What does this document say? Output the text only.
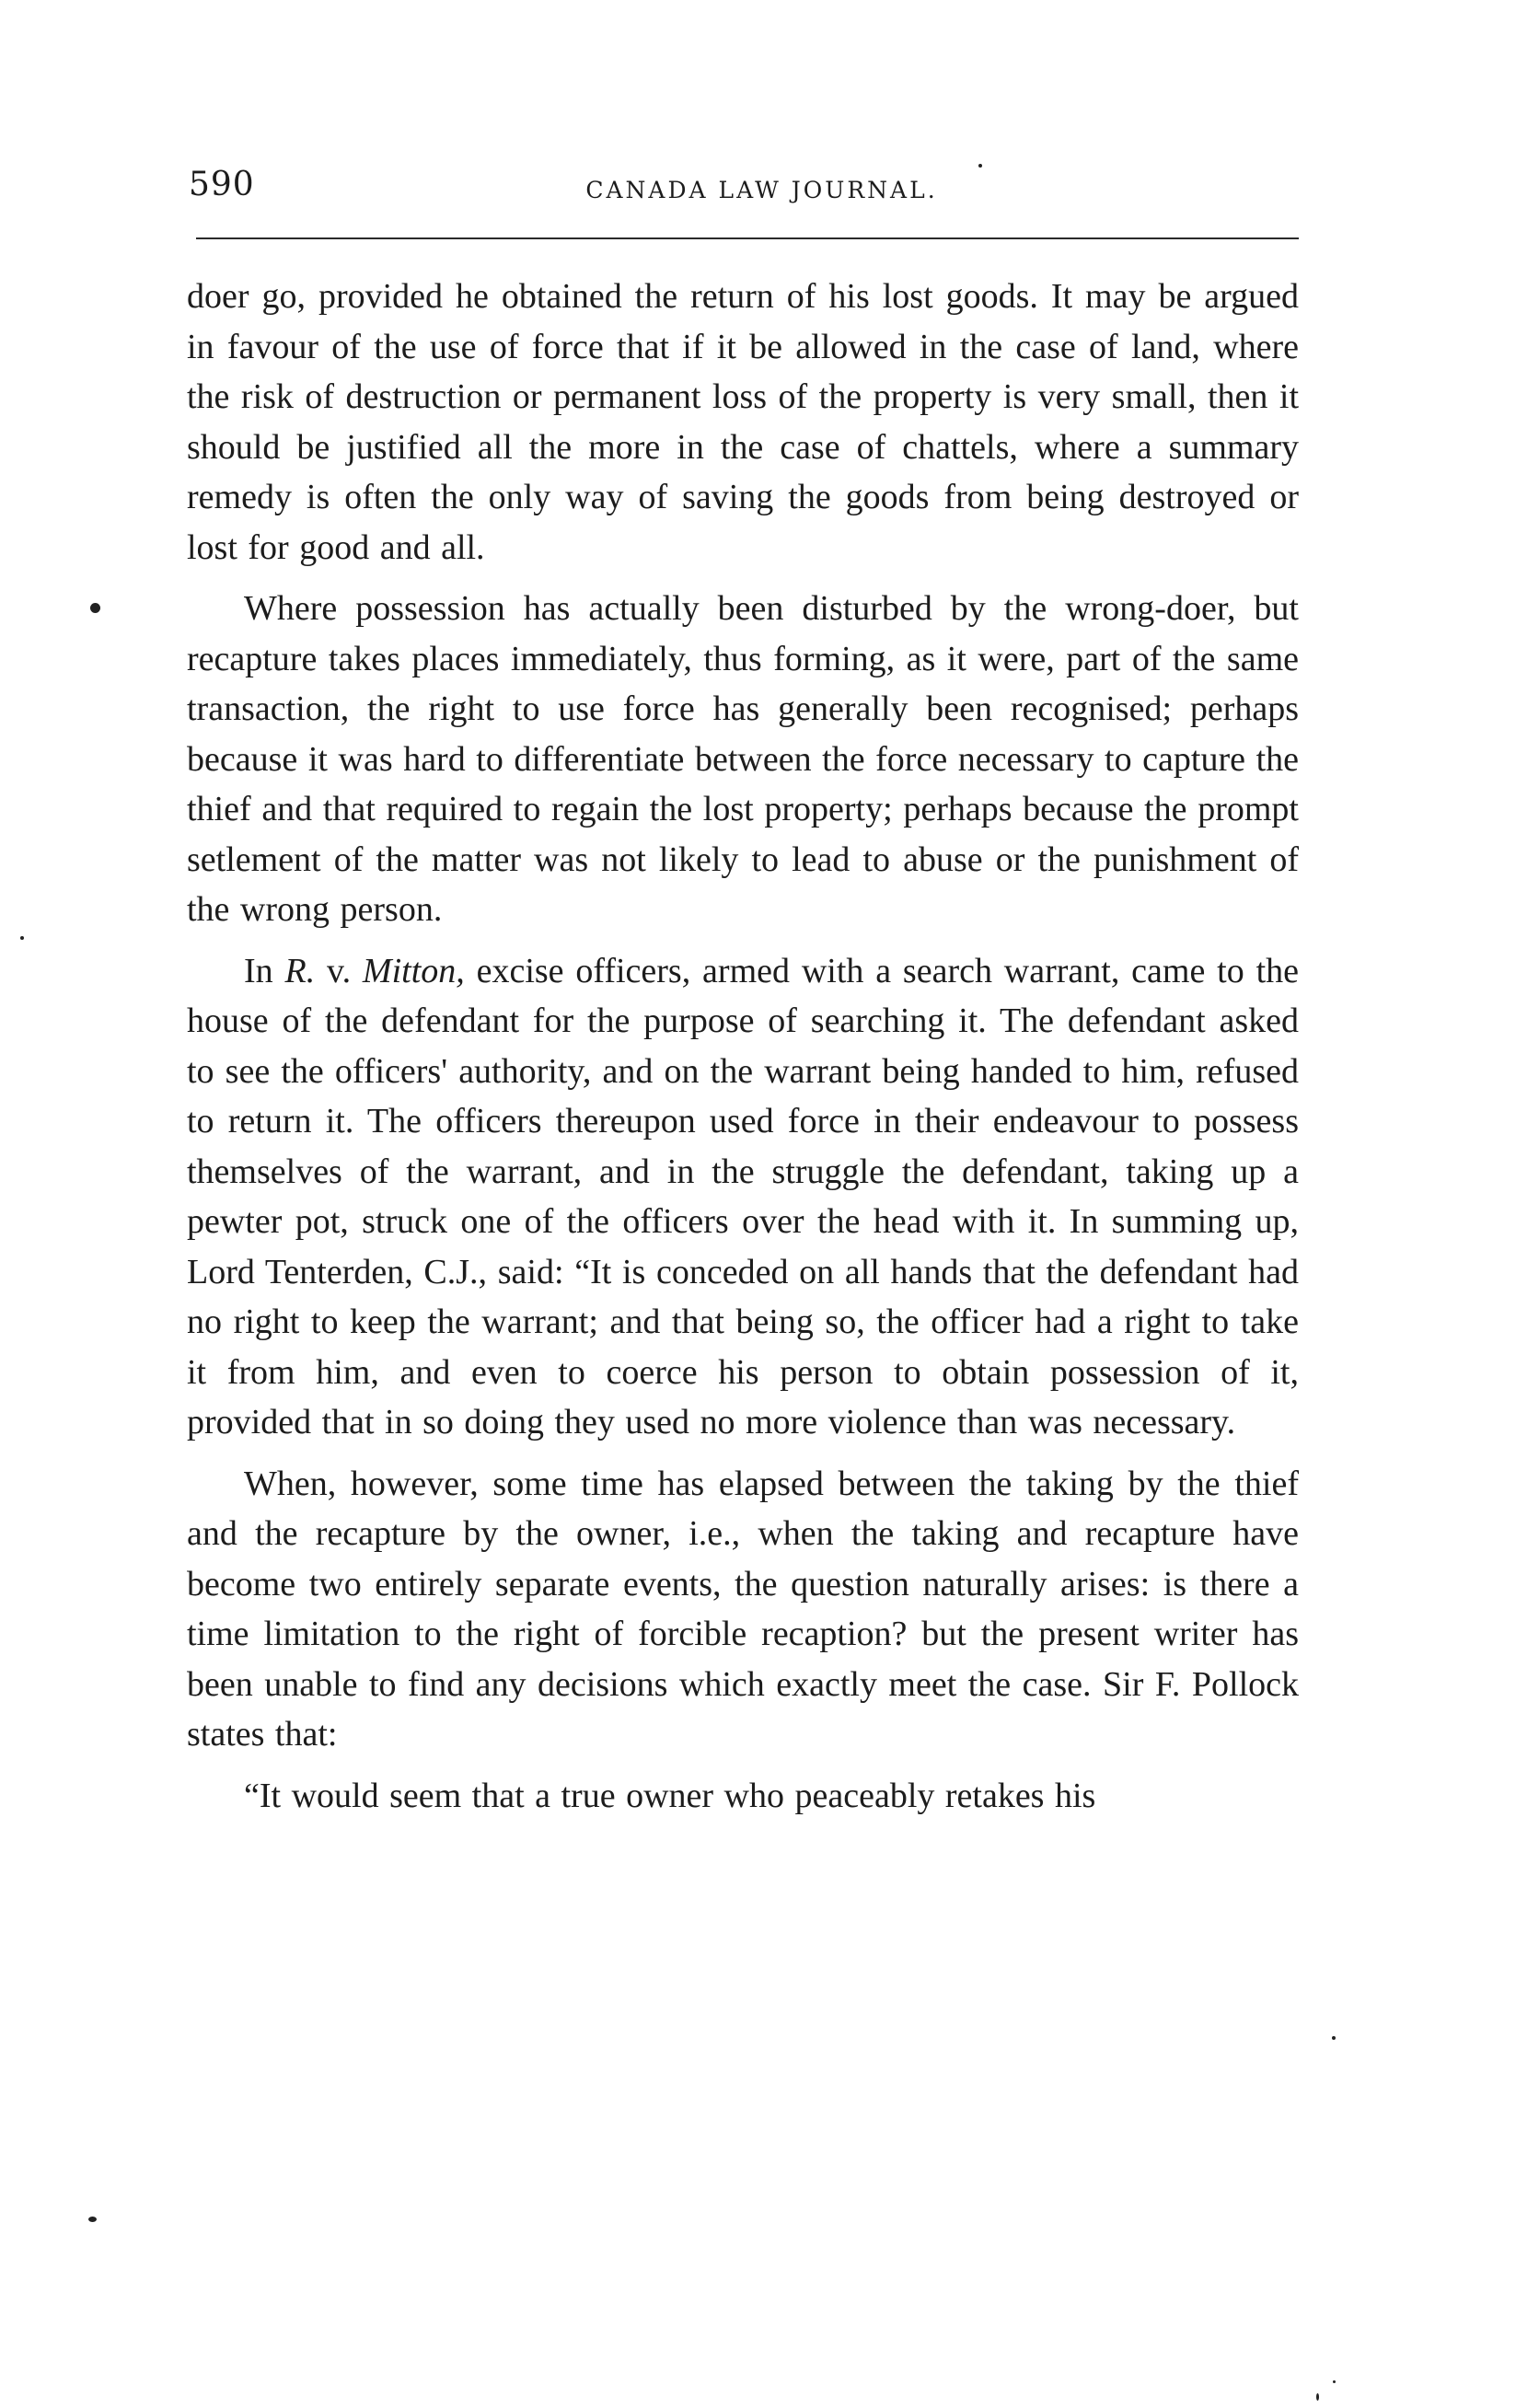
590	CANADA LAW JOURNAL.

doer go, provided he obtained the return of his lost goods. It may be argued in favour of the use of force that if it be allowed in the case of land, where the risk of destruction or permanent loss of the property is very small, then it should be justified all the more in the case of chattels, where a summary remedy is often the only way of saving the goods from being destroyed or lost for good and all.

Where possession has actually been disturbed by the wrong-doer, but recapture takes places immediately, thus forming, as it were, part of the same transaction, the right to use force has generally been recognised; perhaps because it was hard to differentiate between the force necessary to capture the thief and that required to regain the lost property; perhaps because the prompt setlement of the matter was not likely to lead to abuse or the punishment of the wrong person.

In R. v. Mitton, excise officers, armed with a search warrant, came to the house of the defendant for the purpose of searching it. The defendant asked to see the officers' authority, and on the warrant being handed to him, refused to return it. The officers thereupon used force in their endeavour to possess themselves of the warrant, and in the struggle the defendant, taking up a pewter pot, struck one of the officers over the head with it. In summing up, Lord Tenterden, C.J., said: “It is conceded on all hands that the defendant had no right to keep the warrant; and that being so, the officer had a right to take it from him, and even to coerce his person to obtain possession of it, provided that in so doing they used no more violence than was necessary.

When, however, some time has elapsed between the taking by the thief and the recapture by the owner, i.e., when the taking and recapture have become two entirely separate events, the question naturally arises: is there a time limitation to the right of forcible recaption? but the present writer has been unable to find any decisions which exactly meet the case. Sir F. Pollock states that:

“It would seem that a true owner who peaceably retakes his
